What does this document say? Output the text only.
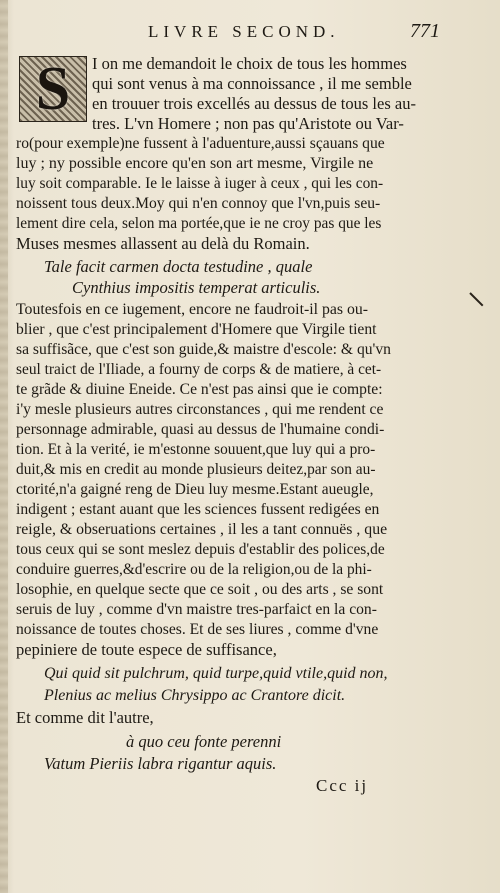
LIVRE SECOND.	771
S	I on me demandoit le choix de tous les hommes
qui sont venus à ma connoissance , il me semble
en trouuer trois excellés au dessus de tous les au-
tres. L'vn Homere ; non pas qu'Aristote ou Var-
ro(pour exemple)ne fussent à l'aduenture,aussi sçauans que
luy ; ny possible encore qu'en son art mesme, Virgile ne
luy soit comparable. Ie le laisse à iuger à ceux , qui les con-
noissent tous deux.Moy qui n'en connoy que l'vn,puis seu-
lement dire cela, selon ma portée,que ie ne croy pas que les
Muses mesmes allassent au delà du Romain.
Tale facit carmen docta testudine , quale
Cynthius impositis temperat articulis.
Toutesfois en ce iugement, encore ne faudroit-il pas ou-
blier , que c'est principalement d'Homere que Virgile tient
sa suffisãce, que c'est son guide,& maistre d'escole: & qu'vn
seul traict de l'Iliade, a fourny de corps & de matiere, à cet-
te grãde & diuine Eneide. Ce n'est pas ainsi que ie compte:
i'y mesle plusieurs autres circonstances , qui me rendent ce
personnage admirable, quasi au dessus de l'humaine condi-
tion. Et à la verité, ie m'estonne souuent,que luy qui a pro-
duit,& mis en credit au monde plusieurs deitez,par son au-
ctorité,n'a gaigné reng de Dieu luy mesme.Estant aueugle,
indigent ; estant auant que les sciences fussent redigées en
reigle, & obseruations certaines , il les a tant connuës , que
tous ceux qui se sont meslez depuis d'establir des polices,de
conduire guerres,&d'escrire ou de la religion,ou de la phi-
losophie, en quelque secte que ce soit , ou des arts , se sont
seruis de luy , comme d'vn maistre tres-parfaict en la con-
noissance de toutes choses. Et de ses liures , comme d'vne
pepiniere de toute espece de suffisance,
Qui quid sit pulchrum, quid turpe,quid vtile,quid non,
Plenius ac melius Chrysippo ac Crantore dicit.
Et comme dit l'autre,
à quo ceu fonte perenni
Vatum Pieriis labra rigantur aquis.
Ccc ij
